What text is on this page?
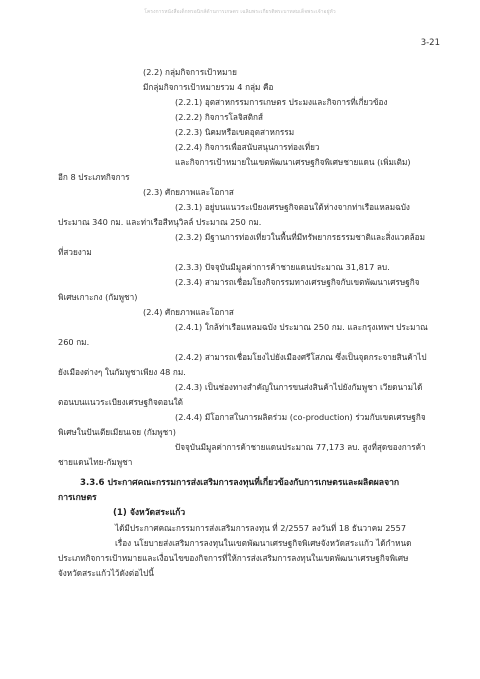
โครงการหนังสือเด็กทรอนิกส์ด้านการเกษตร เฉลิมพระเกียรติพระบาทสมเด็จพระเจ้าอยู่หัว
3-21
(2.2) กลุ่มกิจการเป้าหมาย
มีกลุ่มกิจการเป้าหมายรวม 4 กลุ่ม คือ
(2.2.1) อุตสาหกรรมการเกษตร ประมงและกิจการที่เกี่ยวข้อง
(2.2.2) กิจการโลจิสติกส์
(2.2.3) นิคมหรือเขตอุตสาหกรรม
(2.2.4) กิจการเพื่อสนับสนุนการท่องเที่ยว
และกิจการเป้าหมายในเขตพัฒนาเศรษฐกิจพิเศษชายแดน (เพิ่มเติม)
อีก 8 ประเภทกิจการ
(2.3) ศักยภาพและโอกาส
(2.3.1) อยู่บนแนวระเบียงเศรษฐกิจตอนใต้ห่างจากท่าเรือแหลมฉบัง
ประมาณ 340 กม. และท่าเรือสีหนุวิลล์ ประมาณ 250 กม.
(2.3.2) มีฐานการท่องเที่ยวในพื้นที่มีทรัพยากรธรรมชาติและสิ่งแวดล้อม
ที่สวยงาม
(2.3.3) ปัจจุบันมีมูลค่าการค้าชายแดนประมาณ 31,817 ลบ.
(2.3.4) สามารถเชื่อมโยงกิจกรรมทางเศรษฐกิจกับเขตพัฒนาเศรษฐกิจ
พิเศษเกาะกง (กัมพูชา)
(2.4) ศักยภาพและโอกาส
(2.4.1) ใกล้ท่าเรือแหลมฉบัง ประมาณ 250 กม. และกรุงเทพฯ ประมาณ
260 กม.
(2.4.2) สามารถเชื่อมโยงไปยังเมืองศรีโสภณ ซึ่งเป็นจุดกระจายสินค้าไป
ยังเมืองต่างๆ ในกัมพูชาเพียง 48 กม.
(2.4.3) เป็นช่องทางสำคัญในการขนส่งสินค้าไปยังกัมพูชา เวียดนามได้
ตอนบนแนวระเบียงเศรษฐกิจตอนใต้
(2.4.4) มีโอกาสในการผลิตร่วม (co-production) ร่วมกับเขตเศรษฐกิจ
พิเศษในปันเตียเมียนเจย (กัมพูชา)
ปัจจุบันมีมูลค่าการค้าชายแดนประมาณ 77,173 ลบ. สูงที่สุดของการค้า
ชายแดนไทย-กัมพูชา
3.3.6 ประกาศคณะกรรมการส่งเสริมการลงทุนที่เกี่ยวข้องกับการเกษตรและผลิตผลจาก
การเกษตร
(1) จังหวัดสระแก้ว
ได้มีประกาศคณะกรรมการส่งเสริมการลงทุน ที่ 2/2557 ลงวันที่ 18 ธันวาคม 2557
เรื่อง นโยบายส่งเสริมการลงทุนในเขตพัฒนาเศรษฐกิจพิเศษจังหวัดสระแก้ว ได้กำหนด
ประเภทกิจการเป้าหมายและเงื่อนไขของกิจการที่ให้การส่งเสริมการลงทุนในเขตพัฒนาเศรษฐกิจพิเศษ
จังหวัดสระแก้วไว้ดังต่อไปนี้
